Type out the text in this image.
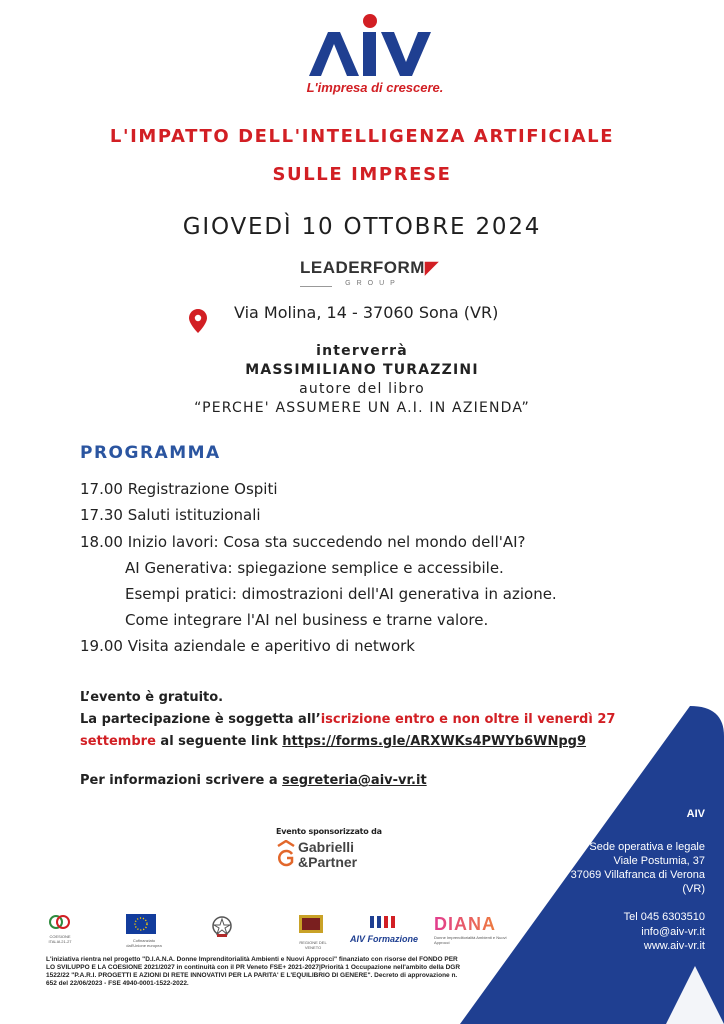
L'impresa di crescere.
L'IMPATTO DELL'INTELLIGENZA ARTIFICIALE
SULLE IMPRESE
GIOVEDÌ 10 OTTOBRE 2024
LEADERFORM◤
GROUP
Via Molina, 14 - 37060 Sona (VR)
interverrà
MASSIMILIANO TURAZZINI
autore del libro
“PERCHE' ASSUMERE UN A.I. IN AZIENDA”
PROGRAMMA
17.00 Registrazione Ospiti
17.30 Saluti istituzionali
18.00 Inizio lavori: Cosa sta succedendo nel mondo dell'AI?
AI Generativa: spiegazione semplice e accessibile.
Esempi pratici: dimostrazioni dell'AI generativa in azione.
Come integrare l'AI nel business e trarne valore.
19.00 Visita aziendale e aperitivo di network
L’evento è gratuito.
La partecipazione è soggetta all’iscrizione entro e non oltre il venerdì 27
settembre al seguente link https://forms.gle/ARXWKs4PWYb6WNpg9
Per informazioni scrivere a segreteria@aiv-vr.it
AIV
Sede operativa e legale
Viale Postumia, 37
37069 Villafranca di Verona
(VR)
Tel 045 6303510
info@aiv-vr.it
www.aiv-vr.it
Evento sponsorizzato da
Gabrielli
&Partner
COESIONE ITALIA 21-27	Cofinanziato dall'Unione europea
REGIONE DEL VENETO
AIV Formazione
DIANA
Donne Imprenditorialità Ambienti e Nuovi Approcci
L'iniziativa rientra nel progetto "D.I.A.N.A. Donne Imprenditorialità Ambienti e Nuovi Approcci" finanziato con risorse del FONDO PER LO SVILUPPO E LA COESIONE 2021/2027 in continuità con il PR Veneto FSE+ 2021-2027|Priorità 1 Occupazione nell'ambito della DGR 1522/22 "P.A.R.I. PROGETTI E AZIONI DI RETE INNOVATIVI PER LA PARITA' E L'EQUILIBRIO DI GENERE". Decreto di approvazione n. 652 del 22/06/2023 - FSE 4940-0001-1522-2022.
